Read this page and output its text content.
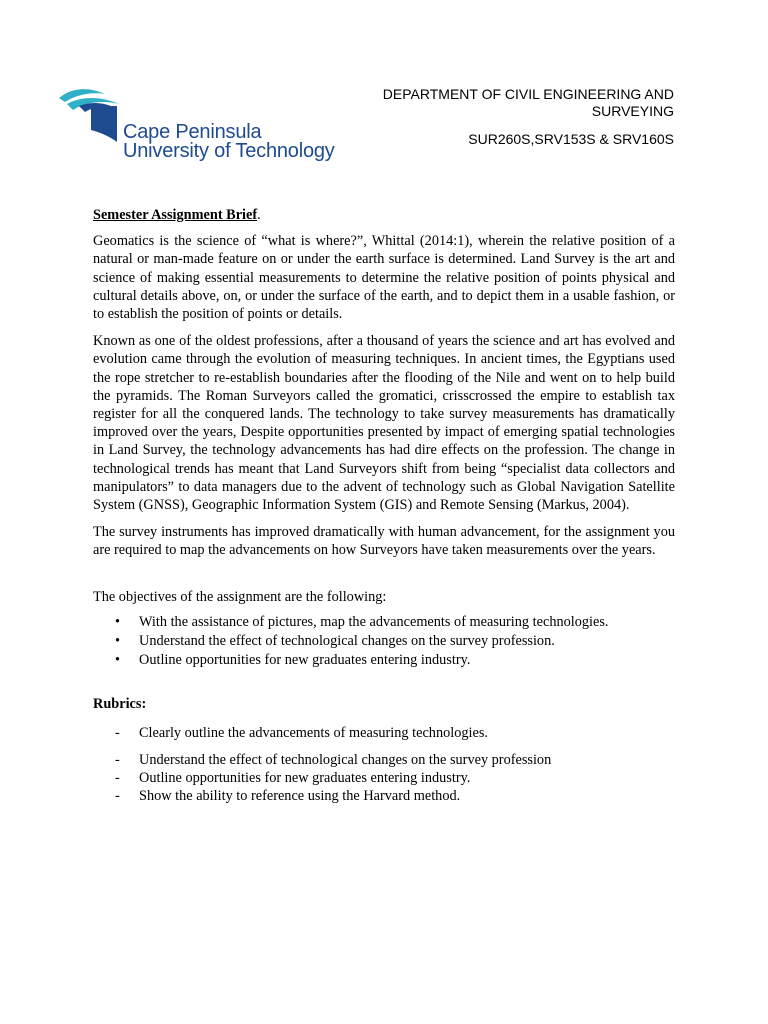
Cape Peninsula
University of Technology
DEPARTMENT OF CIVIL ENGINEERING AND
SURVEYING
SUR260S,SRV153S & SRV160S

Semester Assignment Brief.

Geomatics is the science of “what is where?”, Whittal (2014:1), wherein the relative position of a natural or man-made feature on or under the earth surface is determined. Land Survey is the art and science of making essential measurements to determine the relative position of points physical and cultural details above, on, or under the surface of the earth, and to depict them in a usable fashion, or to establish the position of points or details.

Known as one of the oldest professions, after a thousand of years the science and art has evolved and evolution came through the evolution of measuring techniques. In ancient times, the Egyptians used the rope stretcher to re-establish boundaries after the flooding of the Nile and went on to help build the pyramids. The Roman Surveyors called the gromatici, crisscrossed the empire to establish tax register for all the conquered lands. The technology to take survey measurements has dramatically improved over the years, Despite opportunities presented by impact of emerging spatial technologies in Land Survey, the technology advancements has had dire effects on the profession. The change in technological trends has meant that Land Surveyors shift from being “specialist data collectors and manipulators” to data managers due to the advent of technology such as Global Navigation Satellite System (GNSS), Geographic Information System (GIS) and Remote Sensing (Markus, 2004).

The survey instruments has improved dramatically with human advancement, for the assignment you are required to map the advancements on how Surveyors have taken measurements over the years.

The objectives of the assignment are the following:

• With the assistance of pictures, map the advancements of measuring technologies.
• Understand the effect of technological changes on the survey profession.
• Outline opportunities for new graduates entering industry.

Rubrics:

- Clearly outline the advancements of measuring technologies.
- Understand the effect of technological changes on the survey profession
- Outline opportunities for new graduates entering industry.
- Show the ability to reference using the Harvard method.
